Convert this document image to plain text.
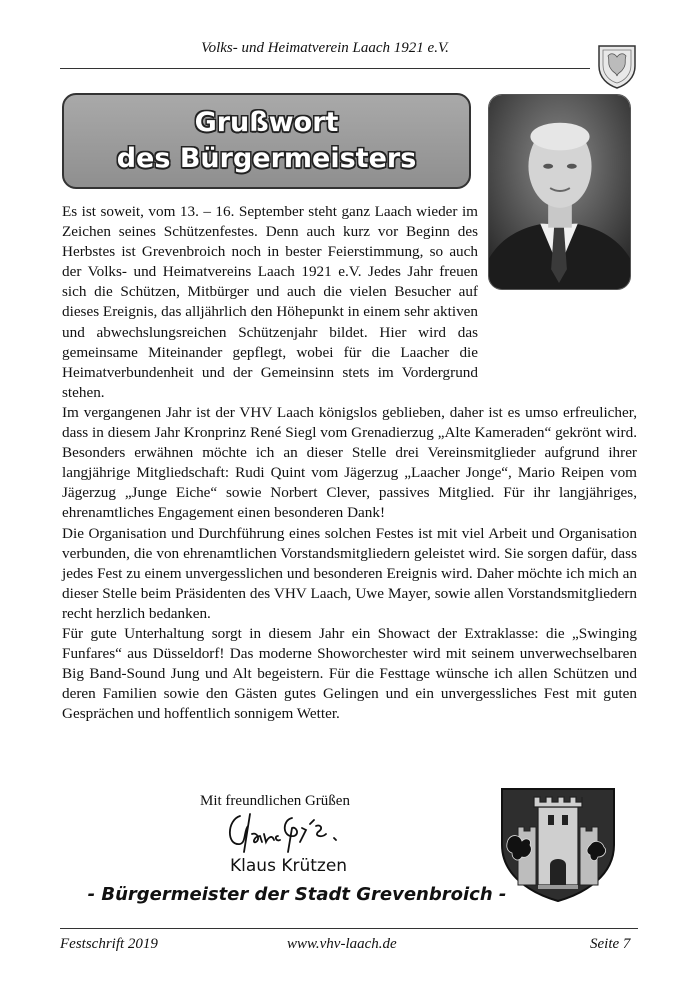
Volks- und Heimatverein Laach 1921 e.V.
Grußwort
des Bürgermeisters

Es ist soweit, vom 13. – 16. September steht ganz Laach wieder im Zeichen seines Schützenfestes. Denn auch kurz vor Beginn des Herbstes ist Grevenbroich noch in bester Feierstimmung, so auch der Volks- und Heimatvereins Laach 1921 e.V. Jedes Jahr freuen sich die Schützen, Mitbürger und auch die vielen Besucher auf dieses Ereignis, das alljährlich den Höhepunkt in einem sehr aktiven und abwechslungsreichen Schützenjahr bildet. Hier wird das gemeinsame Miteinander gepflegt, wobei für die Laacher die Heimatverbundenheit und der Gemeinsinn stets im Vordergrund stehen.

Im vergangenen Jahr ist der VHV Laach königslos geblieben, daher ist es umso erfreulicher, dass in diesem Jahr Kronprinz René Siegl vom Grenadierzug „Alte Kameraden“ gekrönt wird. Besonders erwähnen möchte ich an dieser Stelle drei Vereinsmitglieder aufgrund ihrer langjährige Mitgliedschaft: Rudi Quint vom Jägerzug „Laacher Jonge“, Mario Reipen vom Jägerzug „Junge Eiche“ sowie Norbert Clever, passives Mitglied. Für ihr langjähriges, ehrenamtliches Engagement einen besonderen Dank!

Die Organisation und Durchführung eines solchen Festes ist mit viel Arbeit und Organisation verbunden, die von ehrenamtlichen Vorstandsmitgliedern geleistet wird. Sie sorgen dafür, dass jedes Fest zu einem unvergesslichen und besonderen Ereignis wird. Daher möchte ich mich an dieser Stelle beim Präsidenten des VHV Laach, Uwe Mayer, sowie allen Vorstandsmitgliedern recht herzlich bedanken.

Für gute Unterhaltung sorgt in diesem Jahr ein Showact der Extraklasse: die „Swinging Funfares“ aus Düsseldorf! Das moderne Showorchester wird mit seinem unverwechselbaren Big Band-Sound Jung und Alt begeistern. Für die Festtage wünsche ich allen Schützen und deren Familien sowie den Gästen gutes Gelingen und ein unvergessliches Fest mit guten Gesprächen und hoffentlich sonnigem Wetter.

Mit freundlichen Grüßen
Klaus Krützen
- Bürgermeister der Stadt Grevenbroich -
Festschrift 2019	www.vhv-laach.de	Seite 7
